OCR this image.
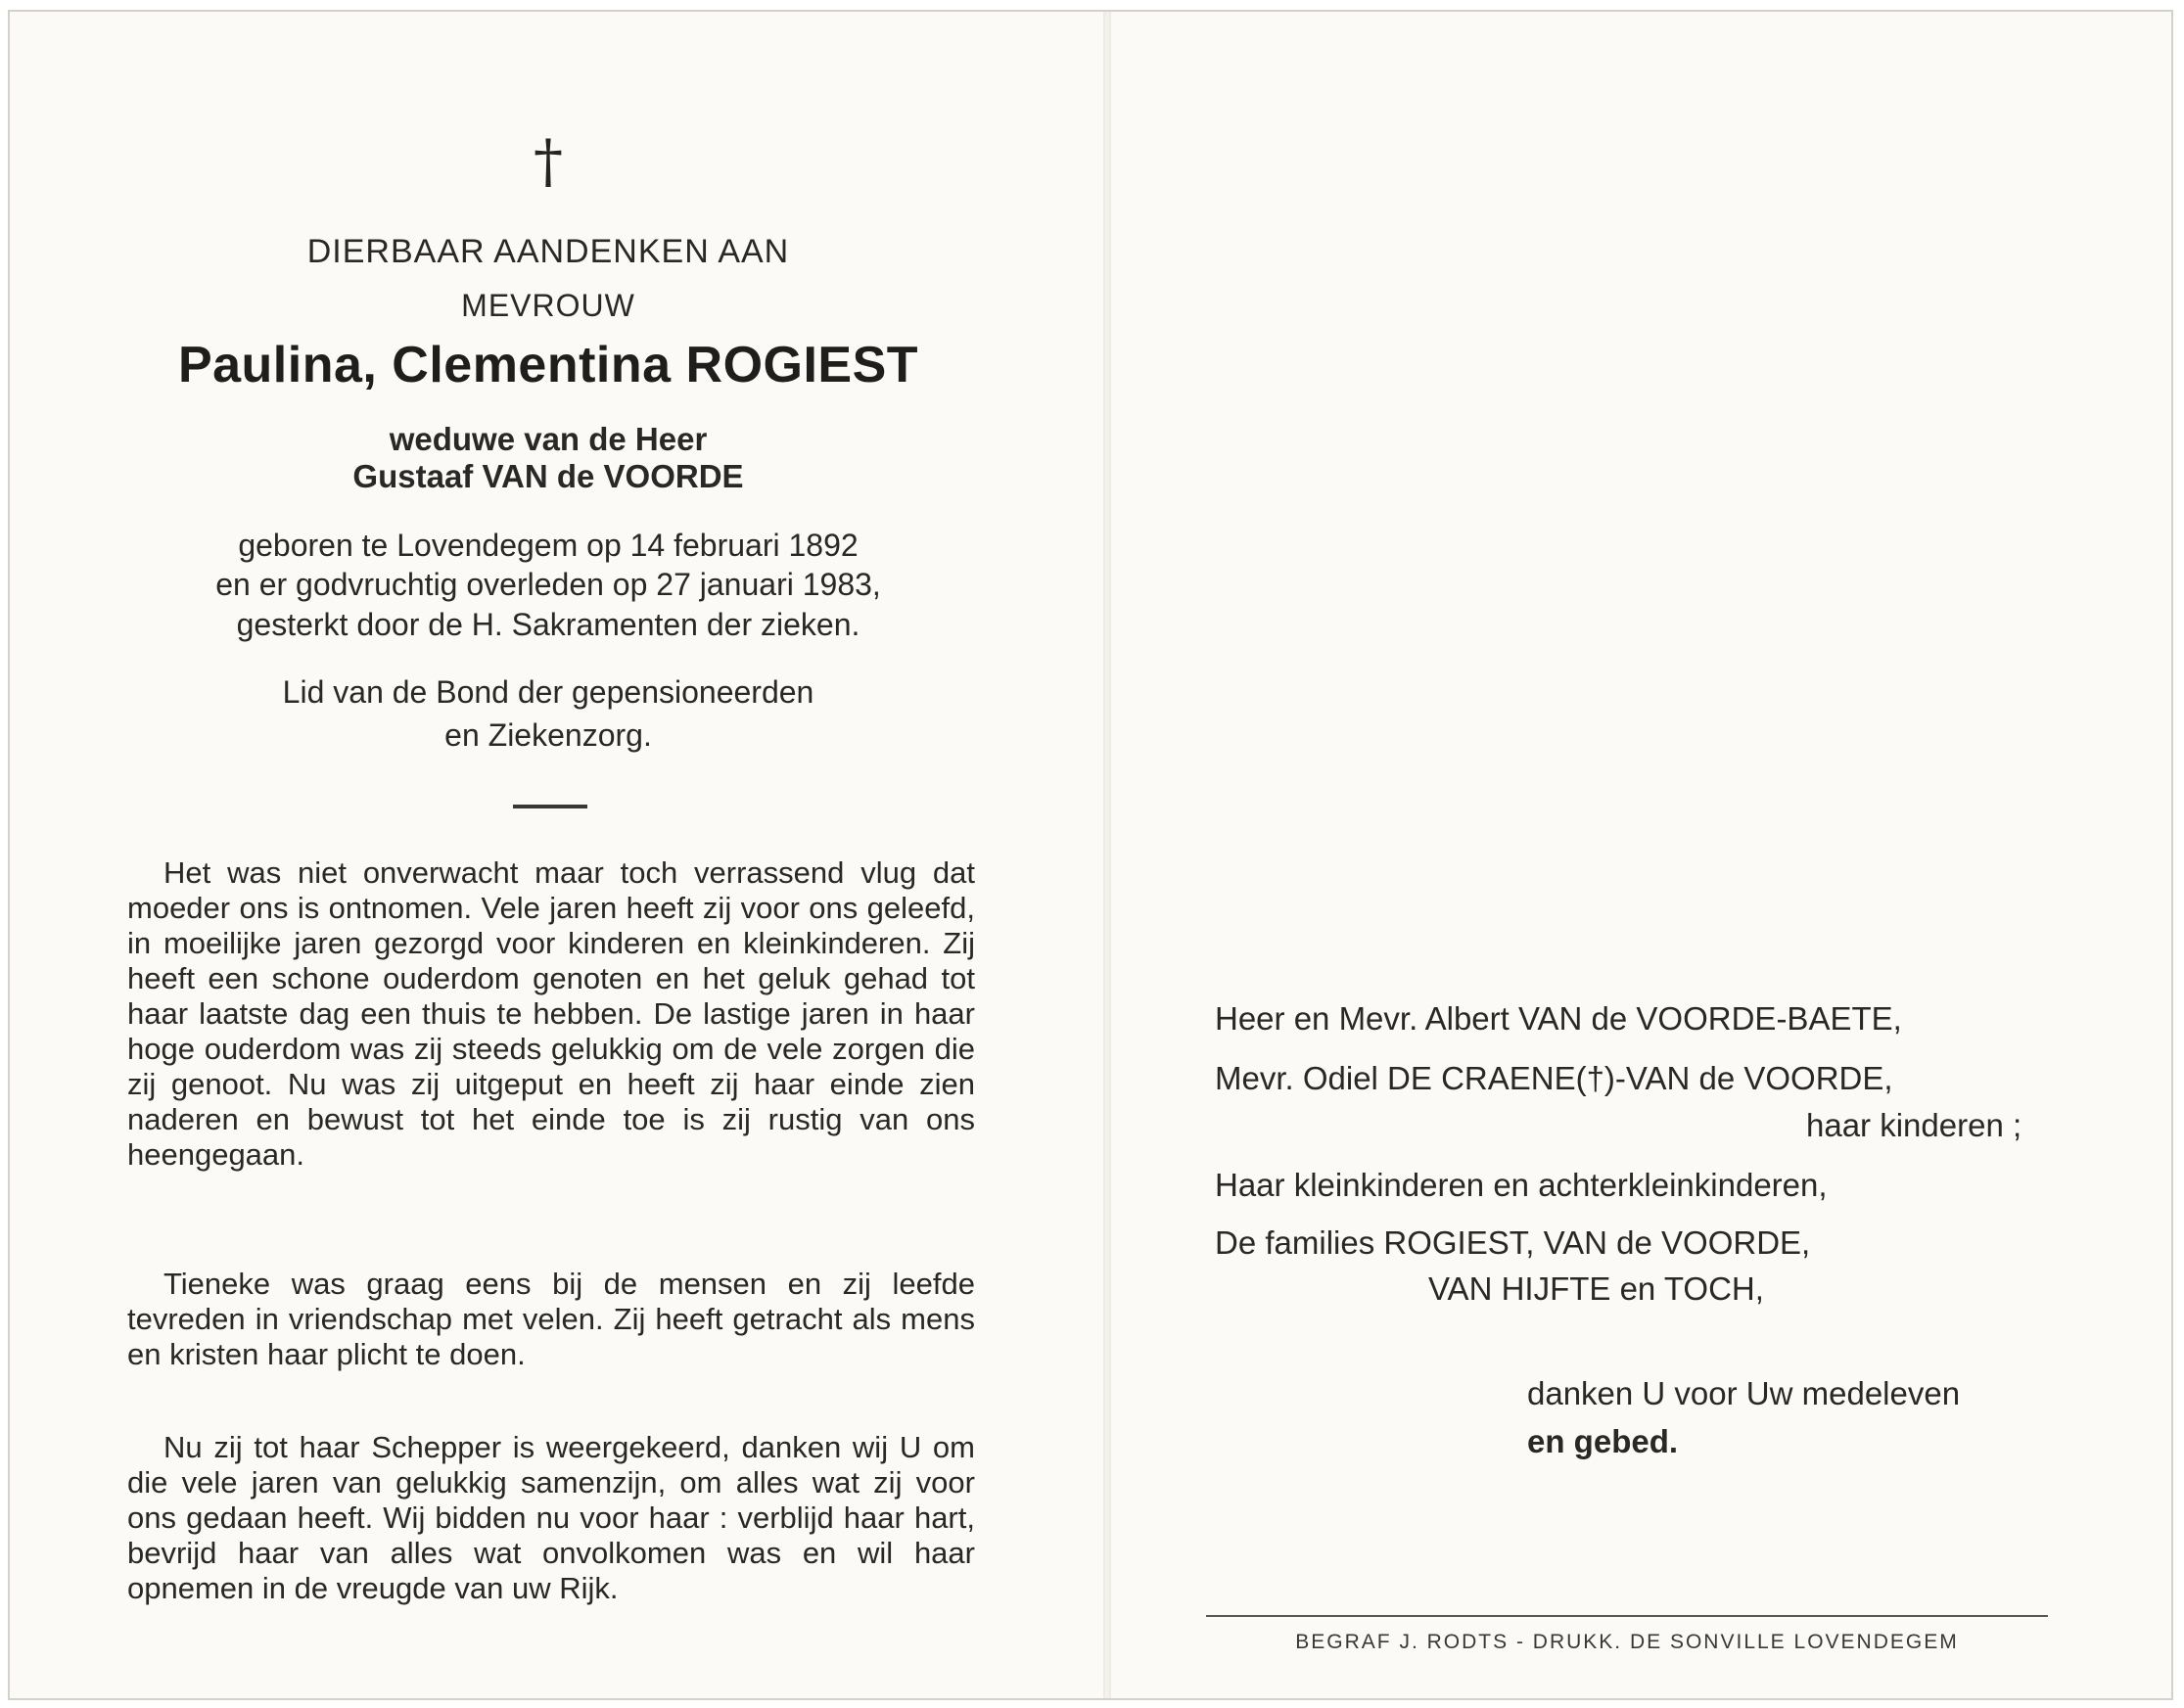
†
DIERBAAR AANDENKEN AAN
MEVROUW
Paulina, Clementina ROGIEST
weduwe van de Heer
Gustaaf VAN de VOORDE
geboren te Lovendegem op 14 februari 1892
en er godvruchtig overleden op 27 januari 1983,
gesterkt door de H. Sakramenten der zieken.
Lid van de Bond der gepensioneerden
en Ziekenzorg.

Het was niet onverwacht maar toch verrassend vlug dat moeder ons is ontnomen. Vele jaren heeft zij voor ons geleefd, in moeilijke jaren gezorgd voor kinderen en kleinkinderen. Zij heeft een schone ouderdom genoten en het geluk gehad tot haar laatste dag een thuis te hebben. De lastige jaren in haar hoge ouderdom was zij steeds gelukkig om de vele zorgen die zij genoot. Nu was zij uitgeput en heeft zij haar einde zien naderen en bewust tot het einde toe is zij rustig van ons heengegaan.

Tieneke was graag eens bij de mensen en zij leefde tevreden in vriendschap met velen. Zij heeft getracht als mens en kristen haar plicht te doen.

Nu zij tot haar Schepper is weergekeerd, danken wij U om die vele jaren van gelukkig samenzijn, om alles wat zij voor ons gedaan heeft. Wij bidden nu voor haar : verblijd haar hart, bevrijd haar van alles wat onvolkomen was en wil haar opnemen in de vreugde van uw Rijk.

Heer en Mevr. Albert VAN de VOORDE-BAETE,
Mevr. Odiel DE CRAENE(†)-VAN de VOORDE,
haar kinderen ;
Haar kleinkinderen en achterkleinkinderen,
De families ROGIEST, VAN de VOORDE,
VAN HIJFTE en TOCH,
danken U voor Uw medeleven
en gebed.
BEGRAF J. RODTS - DRUKK. DE SONVILLE LOVENDEGEM
